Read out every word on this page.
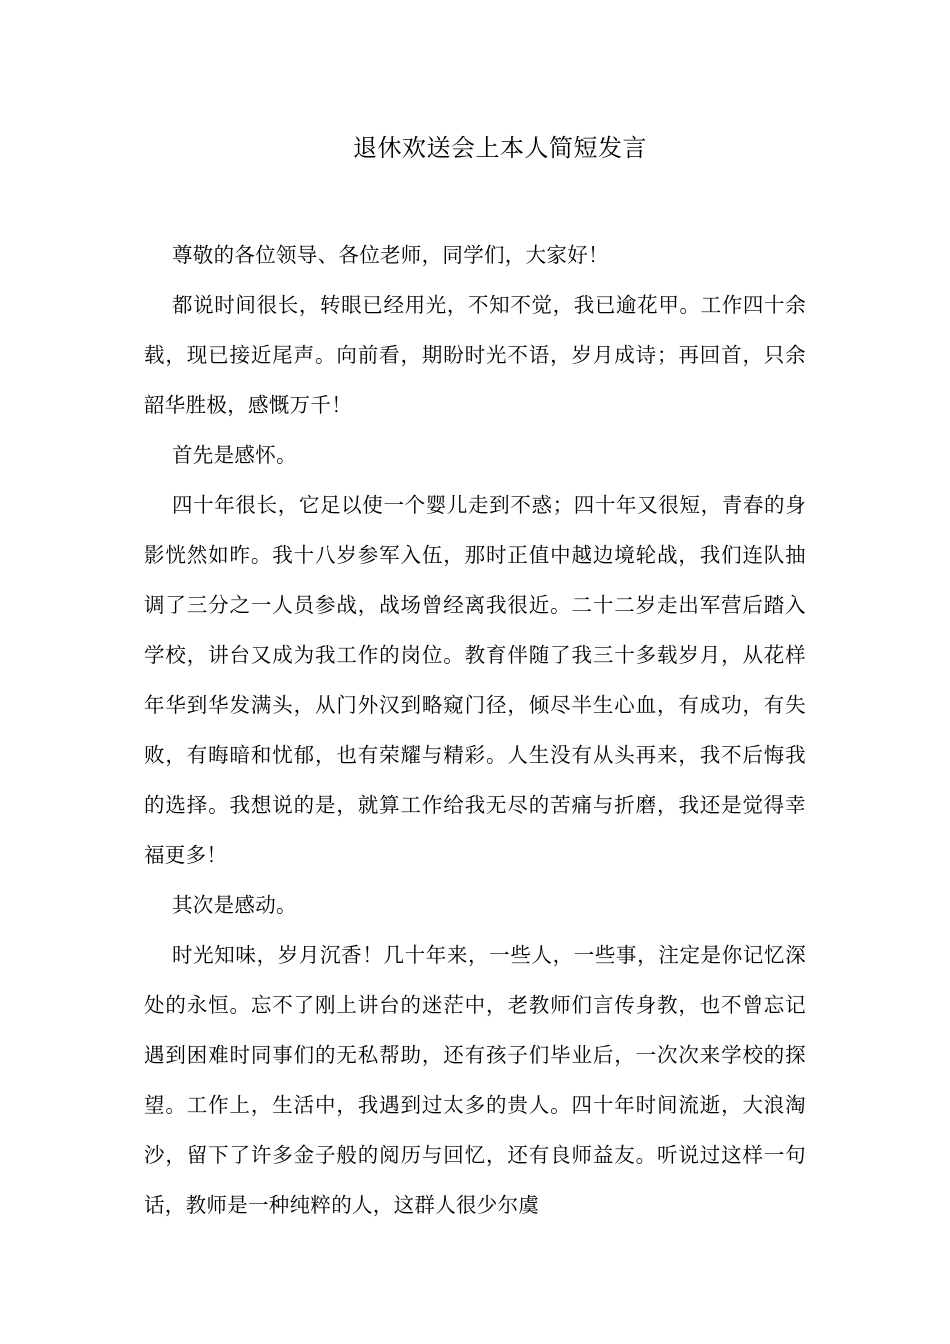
退休欢送会上本人简短发言

尊敬的各位领导、各位老师，同学们，大家好！

都说时间很长，转眼已经用光，不知不觉，我已逾花甲。工作四十余载，现已接近尾声。向前看，期盼时光不语，岁月成诗；再回首，只余韶华胜极，感慨万千！

首先是感怀。

四十年很长，它足以使一个婴儿走到不惑；四十年又很短，青春的身影恍然如昨。我十八岁参军入伍，那时正值中越边境轮战，我们连队抽调了三分之一人员参战，战场曾经离我很近。二十二岁走出军营后踏入学校，讲台又成为我工作的岗位。教育伴随了我三十多载岁月，从花样年华到华发满头，从门外汉到略窥门径，倾尽半生心血，有成功，有失败，有晦暗和忧郁，也有荣耀与精彩。人生没有从头再来，我不后悔我的选择。我想说的是，就算工作给我无尽的苦痛与折磨，我还是觉得幸福更多！

其次是感动。

时光知味，岁月沉香！几十年来，一些人，一些事，注定是你记忆深处的永恒。忘不了刚上讲台的迷茫中，老教师们言传身教，也不曾忘记遇到困难时同事们的无私帮助，还有孩子们毕业后，一次次来学校的探望。工作上，生活中，我遇到过太多的贵人。四十年时间流逝，大浪淘沙，留下了许多金子般的阅历与回忆，还有良师益友。听说过这样一句话，教师是一种纯粹的人，这群人很少尔虞
